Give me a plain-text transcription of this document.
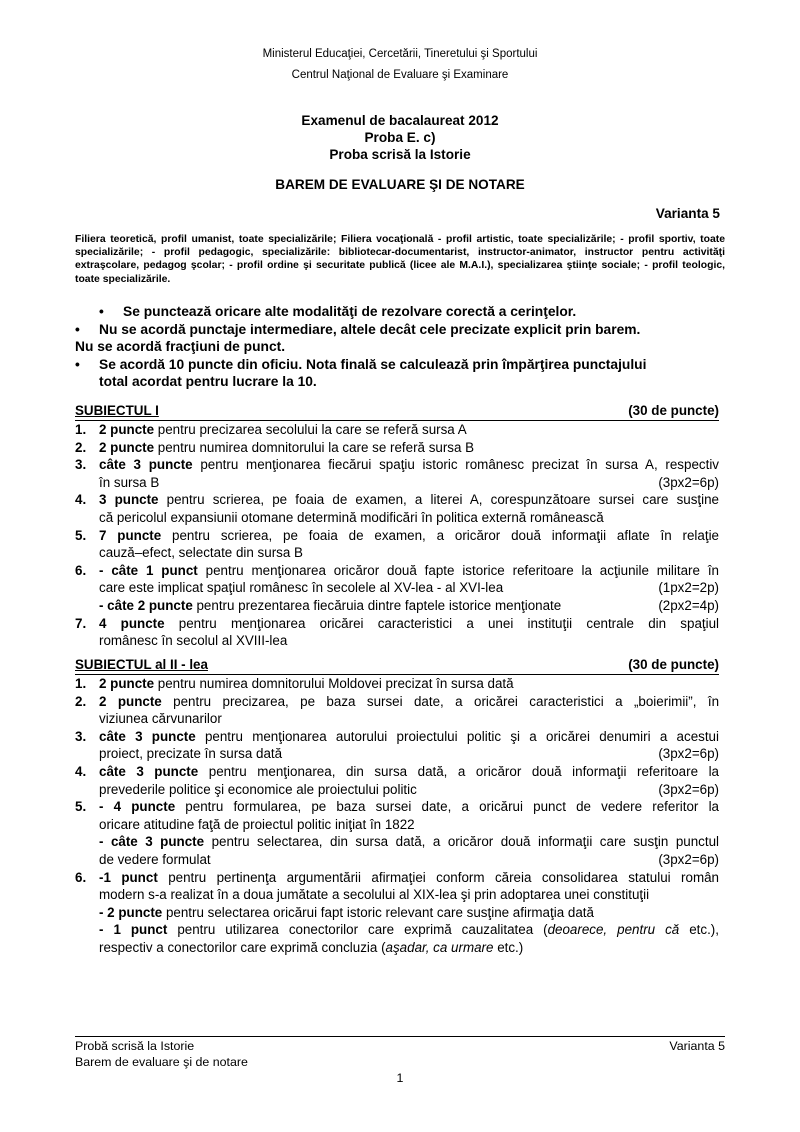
Ministerul Educaţiei, Cercetării, Tineretului şi Sportului
Centrul Naţional de Evaluare şi Examinare
Examenul de bacalaureat 2012
Proba E. c)
Proba scrisă la Istorie
BAREM DE EVALUARE ŞI DE NOTARE
Varianta 5
Filiera teoretică, profil umanist, toate specializările; Filiera vocaţională - profil artistic, toate specializările; - profil sportiv, toate specializările; - profil pedagogic, specializările: bibliotecar-documentarist, instructor-animator, instructor pentru activităţi extraşcolare, pedagog şcolar; - profil ordine şi securitate publică (licee ale M.A.I.), specializarea ştiinţe sociale; - profil teologic, toate specializările.
• Se punctează oricare alte modalităţi de rezolvare corectă a cerinţelor.
• Nu se acordă punctaje intermediare, altele decât cele precizate explicit prin barem.
Nu se acordă fracţiuni de punct.
• Se acordă 10 puncte din oficiu. Nota finală se calculează prin împărţirea punctajului
total acordat pentru lucrare la 10.
SUBIECTUL I	(30 de puncte)
1. 2 puncte pentru precizarea secolului la care se referă sursa A
2. 2 puncte pentru numirea domnitorului la care se referă sursa B
3. câte 3 puncte pentru menţionarea fiecărui spaţiu istoric românesc precizat în sursa A, respectiv
în sursa B	(3px2=6p)
4. 3 puncte pentru scrierea, pe foaia de examen, a literei A, corespunzătoare sursei care susţine
că pericolul expansiunii otomane determină modificări în politica externă românească
5. 7 puncte pentru scrierea, pe foaia de examen, a oricăror două informaţii aflate în relaţie
cauză–efect, selectate din sursa B
6. - câte 1 punct pentru menţionarea oricăror două fapte istorice referitoare la acţiunile militare în
care este implicat spaţiul românesc în secolele al XV-lea - al XVI-lea	(1px2=2p)
- câte 2 puncte pentru prezentarea fiecăruia dintre faptele istorice menţionate	(2px2=4p)
7. 4 puncte pentru menţionarea oricărei caracteristici a unei instituţii centrale din spaţiul
românesc în secolul al XVIII-lea
SUBIECTUL al II - lea	(30 de puncte)
1. 2 puncte pentru numirea domnitorului Moldovei precizat în sursa dată
2. 2 puncte pentru precizarea, pe baza sursei date, a oricărei caracteristici a „boierimii”, în
viziunea cărvunarilor
3. câte 3 puncte pentru menţionarea autorului proiectului politic şi a oricărei denumiri a acestui
proiect, precizate în sursa dată	(3px2=6p)
4. câte 3 puncte pentru menţionarea, din sursa dată, a oricăror două informaţii referitoare la
prevederile politice şi economice ale proiectului politic	(3px2=6p)
5. - 4 puncte pentru formularea, pe baza sursei date, a oricărui punct de vedere referitor la
oricare atitudine faţă de proiectul politic iniţiat în 1822
- câte 3 puncte pentru selectarea, din sursa dată, a oricăror două informaţii care susţin punctul
de vedere formulat	(3px2=6p)
6. -1 punct pentru pertinenţa argumentării afirmaţiei conform căreia consolidarea statului român
modern s-a realizat în a doua jumătate a secolului al XIX-lea şi prin adoptarea unei constituţii
- 2 puncte pentru selectarea oricărui fapt istoric relevant care susţine afirmaţia dată
- 1 punct pentru utilizarea conectorilor care exprimă cauzalitatea (deoarece, pentru că etc.),
respectiv a conectorilor care exprimă concluzia (aşadar, ca urmare etc.)
Probă scrisă la Istorie	Varianta 5
Barem de evaluare şi de notare
1
